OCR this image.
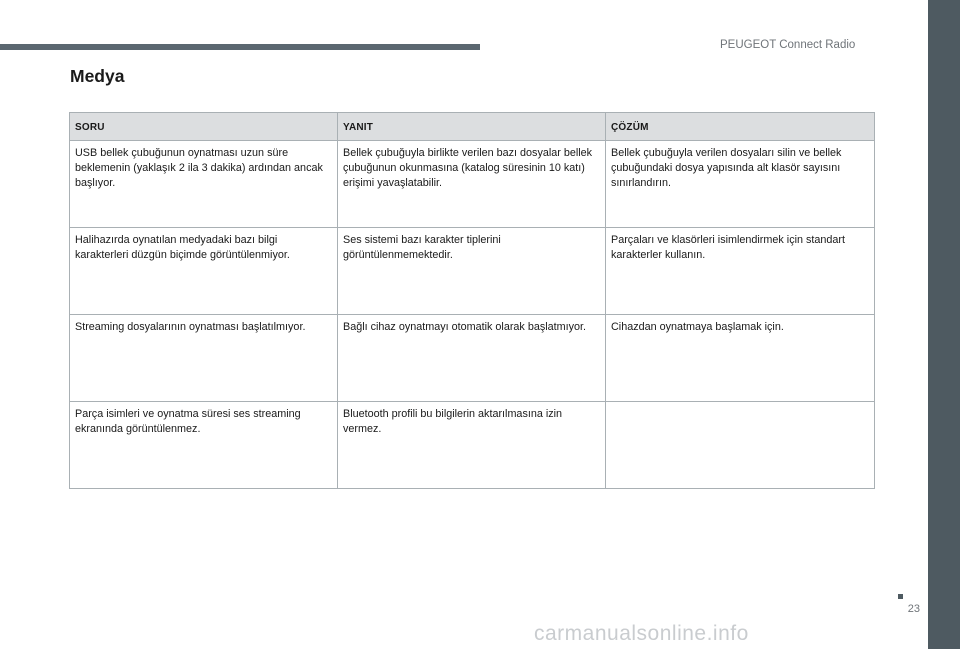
PEUGEOT Connect Radio
Medya
SORU	YANIT	ÇÖZÜM
USB bellek çubuğunun oynatması uzun süre beklemenin (yaklaşık 2 ila 3 dakika) ardından ancak başlıyor.	Bellek çubuğuyla birlikte verilen bazı dosyalar bellek çubuğunun okunmasına (katalog süresinin 10 katı) erişimi yavaşlatabilir.	Bellek çubuğuyla verilen dosyaları silin ve bellek çubuğundaki dosya yapısında alt klasör sayısını sınırlandırın.
Halihazırda oynatılan medyadaki bazı bilgi karakterleri düzgün biçimde görüntülenmiyor.	Ses sistemi bazı karakter tiplerini görüntülenmemektedir.	Parçaları ve klasörleri isimlendirmek için standart karakterler kullanın.
Streaming dosyalarının oynatması başlatılmıyor.	Bağlı cihaz oynatmayı otomatik olarak başlatmıyor.	Cihazdan oynatmaya başlamak için.
Parça isimleri ve oynatma süresi ses streaming ekranında görüntülenmez.	Bluetooth profili bu bilgilerin aktarılmasına izin vermez.	
23
carmanualsonline.info
